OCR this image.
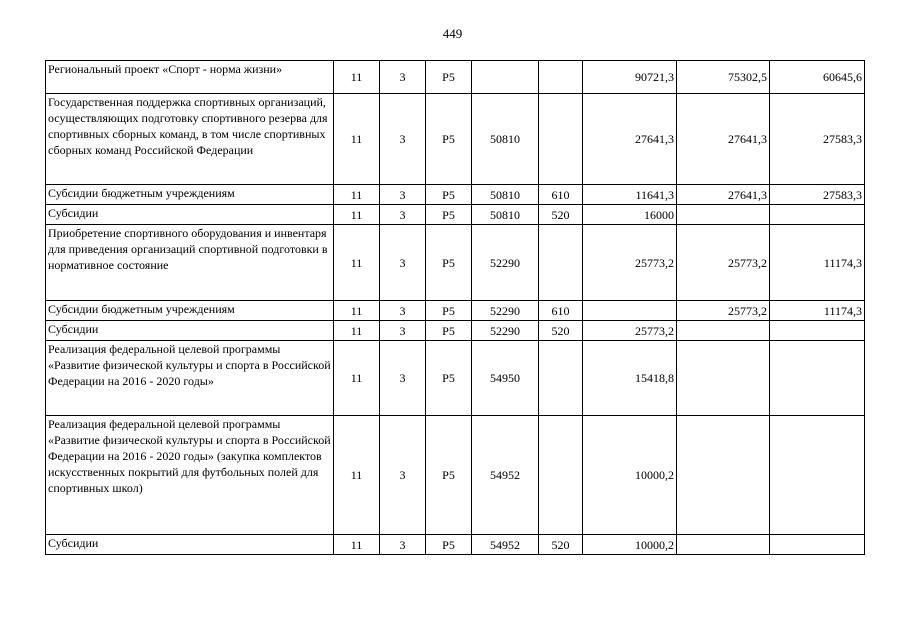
449
Региональный проект «Спорт - норма жизни»	11	3	Р5			90721,3	75302,5	60645,6
Государственная поддержка спортивных организаций, осуществляющих подготовку спортивного резерва для спортивных сборных команд, в том числе спортивных сборных команд Российской Федерации	11	3	Р5	50810		27641,3	27641,3	27583,3
Субсидии бюджетным учреждениям	11	3	Р5	50810	610	11641,3	27641,3	27583,3
Субсидии	11	3	Р5	50810	520	16000		
Приобретение спортивного оборудования и инвентаря для приведения организаций спортивной подготовки в нормативное состояние	11	3	Р5	52290		25773,2	25773,2	11174,3
Субсидии бюджетным учреждениям	11	3	Р5	52290	610		25773,2	11174,3
Субсидии	11	3	Р5	52290	520	25773,2		
Реализация федеральной целевой программы «Развитие физической культуры и спорта в Российской Федерации на 2016 - 2020 годы»	11	3	Р5	54950		15418,8		
Реализация федеральной целевой программы «Развитие физической культуры и спорта в Российской Федерации на 2016 - 2020 годы» (закупка комплектов искусственных покрытий для футбольных полей для спортивных школ)	11	3	Р5	54952		10000,2		
Субсидии	11	3	Р5	54952	520	10000,2		
